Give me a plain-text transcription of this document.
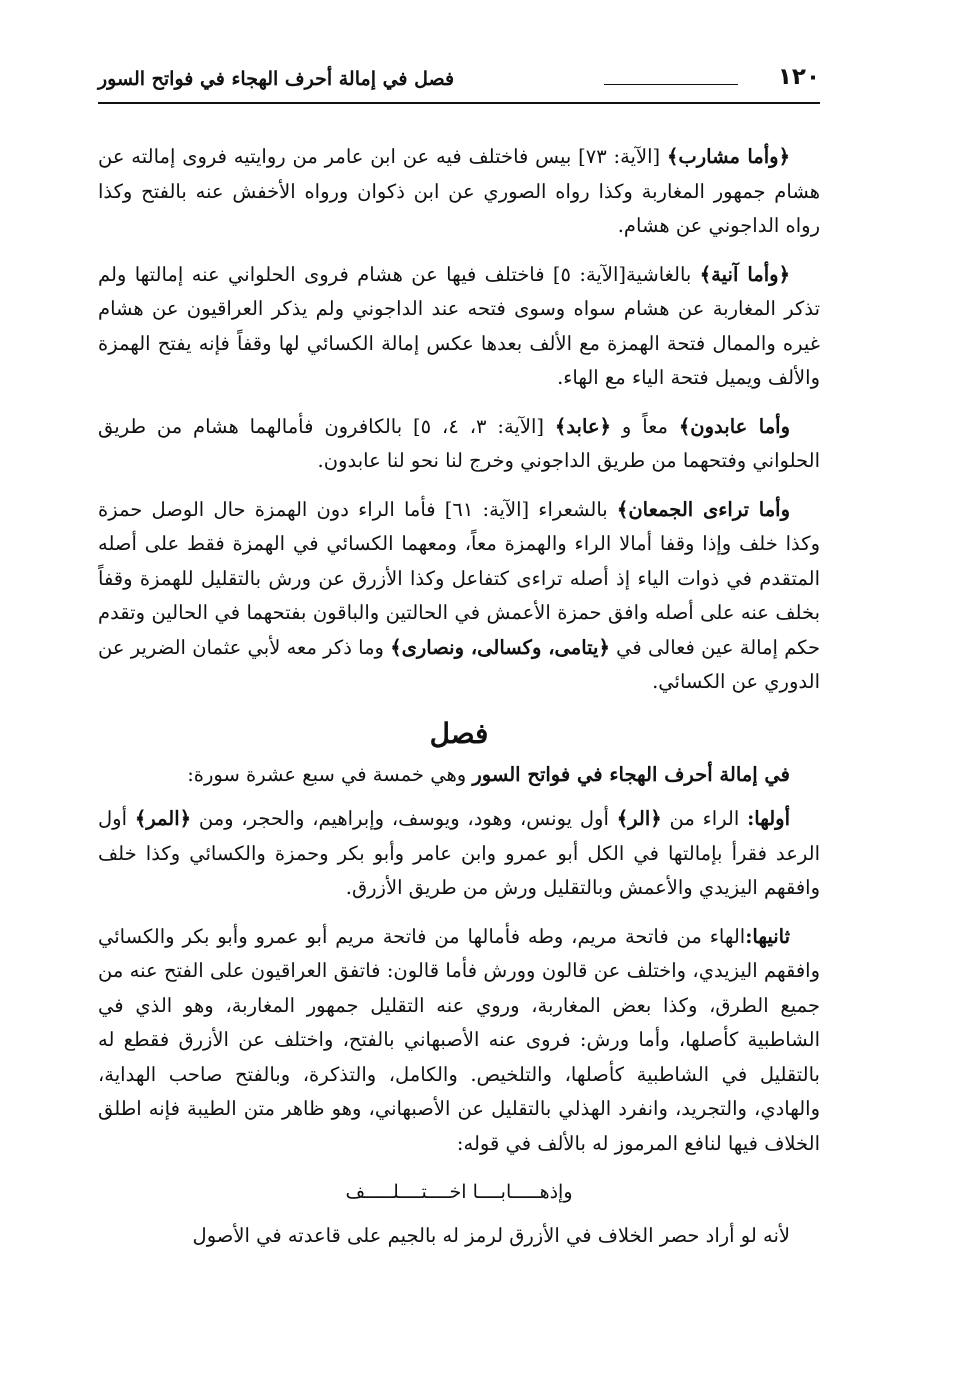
١٢٠
فصل في إمالة أحرف الهجاء في فواتح السور

﴿وأما مشارب﴾ [الآية: ٧٣] بيس فاختلف فيه عن ابن عامر من روايتيه فروى إمالته عن هشام جمهور المغاربة وكذا رواه الصوري عن ابن ذكوان ورواه الأخفش عنه بالفتح وكذا رواه الداجوني عن هشام.

﴿وأما آنية﴾ بالغاشية[الآية: ٥] فاختلف فيها عن هشام فروى الحلواني عنه إمالتها ولم تذكر المغاربة عن هشام سواه وسوى فتحه عند الداجوني ولم يذكر العراقيون عن هشام غيره والممال فتحة الهمزة مع الألف بعدها عكس إمالة الكسائي لها وقفاً فإنه يفتح الهمزة والألف ويميل فتحة الياء مع الهاء.

وأما عابدون﴾ معاً و ﴿عابد﴾ [الآية: ٣، ٤، ٥] بالكافرون فأمالهما هشام من طريق الحلواني وفتحهما من طريق الداجوني وخرج لنا نحو لنا عابدون.

وأما تراءى الجمعان﴾ بالشعراء [الآية: ٦١] فأما الراء دون الهمزة حال الوصل حمزة وكذا خلف وإذا وقفا أمالا الراء والهمزة معاً، ومعهما الكسائي في الهمزة فقط على أصله المتقدم في ذوات الياء إذ أصله تراءى كتفاعل وكذا الأزرق عن ورش بالتقليل للهمزة وقفاً بخلف عنه على أصله وافق حمزة الأعمش في الحالتين والباقون بفتحهما في الحالين وتقدم حكم إمالة عين فعالى في ﴿يتامى، وكسالى، ونصارى﴾ وما ذكر معه لأبي عثمان الضرير عن الدوري عن الكسائي.

فصل

في إمالة أحرف الهجاء في فواتح السور وهي خمسة في سبع عشرة سورة:

أولها: الراء من ﴿الر﴾ أول يونس، وهود، ويوسف، وإبراهيم، والحجر، ومن ﴿المر﴾ أول الرعد فقرأ بإمالتها في الكل أبو عمرو وابن عامر وأبو بكر وحمزة والكسائي وكذا خلف وافقهم اليزيدي والأعمش وبالتقليل ورش من طريق الأزرق.

ثانيها:الهاء من فاتحة مريم، وطه فأمالها من فاتحة مريم أبو عمرو وأبو بكر والكسائي وافقهم اليزيدي، واختلف عن قالون وورش فأما قالون: فاتفق العراقيون على الفتح عنه من جميع الطرق، وكذا بعض المغاربة، وروي عنه التقليل جمهور المغاربة، وهو الذي في الشاطبية كأصلها، وأما ورش: فروى عنه الأصبهاني بالفتح، واختلف عن الأزرق فقطع له بالتقليل في الشاطبية كأصلها، والتلخيص. والكامل، والتذكرة، وبالفتح صاحب الهداية، والهادي، والتجريد، وانفرد الهذلي بالتقليل عن الأصبهاني، وهو ظاهر متن الطيبة فإنه اطلق الخلاف فيها لنافع المرموز له بالألف في قوله:

وإذهـــــابــــا اخــــتــــلـــــف

لأنه لو أراد حصر الخلاف في الأزرق لرمز له بالجيم على قاعدته في الأصول
